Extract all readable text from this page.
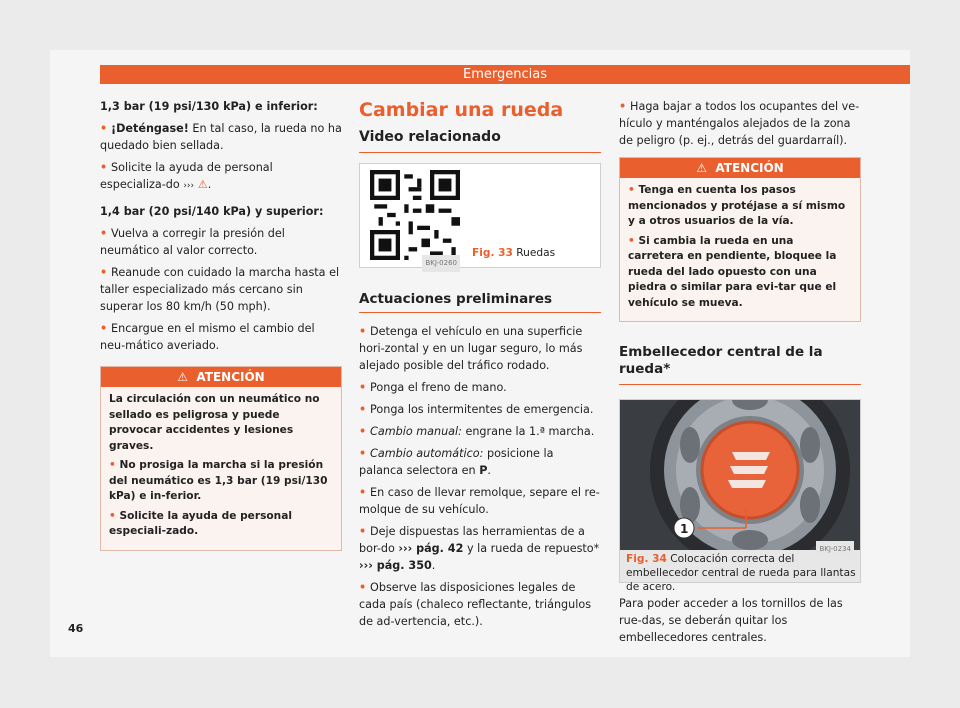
Emergencias

1,3 bar (19 psi/130 kPa) e inferior:

• ¡Deténgase! En tal caso, la rueda no ha quedado bien sellada.

• Solicite la ayuda de personal especializa-do ››› ⚠.

1,4 bar (20 psi/140 kPa) y superior:

• Vuelva a corregir la presión del neumático al valor correcto.

• Reanude con cuidado la marcha hasta el taller especializado más cercano sin superar los 80 km/h (50 mph).

• Encargue en el mismo el cambio del neu-mático averiado.

⚠ ATENCIÓN

La circulación con un neumático no sellado es peligrosa y puede provocar accidentes y lesiones graves.

• No prosiga la marcha si la presión del neumático es 1,3 bar (19 psi/130 kPa) e in-ferior.

• Solicite la ayuda de personal especiali-zado.

Cambiar una rueda
Video relacionado
BKJ-0260
Fig. 33 Ruedas
Actuaciones preliminares

• Detenga el vehículo en una superficie hori-zontal y en un lugar seguro, lo más alejado posible del tráfico rodado.

• Ponga el freno de mano.

• Ponga los intermitentes de emergencia.

• Cambio manual: engrane la 1.ª marcha.

• Cambio automático: posicione la palanca selectora en P.

• En caso de llevar remolque, separe el re-molque de su vehículo.

• Deje dispuestas las herramientas de a bor-do ››› pág. 42 y la rueda de repuesto* ››› pág. 350.

• Observe las disposiciones legales de cada país (chaleco reflectante, triángulos de ad-vertencia, etc.).

• Haga bajar a todos los ocupantes del ve-hículo y manténgalos alejados de la zona de peligro (p. ej., detrás del guardarraíl).

⚠ ATENCIÓN

• Tenga en cuenta los pasos mencionados y protéjase a sí mismo y a otros usuarios de la vía.

• Si cambia la rueda en una carretera en pendiente, bloquee la rueda del lado opuesto con una piedra o similar para evi-tar que el vehículo se mueva.

Embellecedor central de la rueda*
1
BKJ-0234
Fig. 34 Colocación correcta del embellecedor central de rueda para llantas de acero.

Para poder acceder a los tornillos de las rue-das, se deberán quitar los embellecedores centrales.

46
